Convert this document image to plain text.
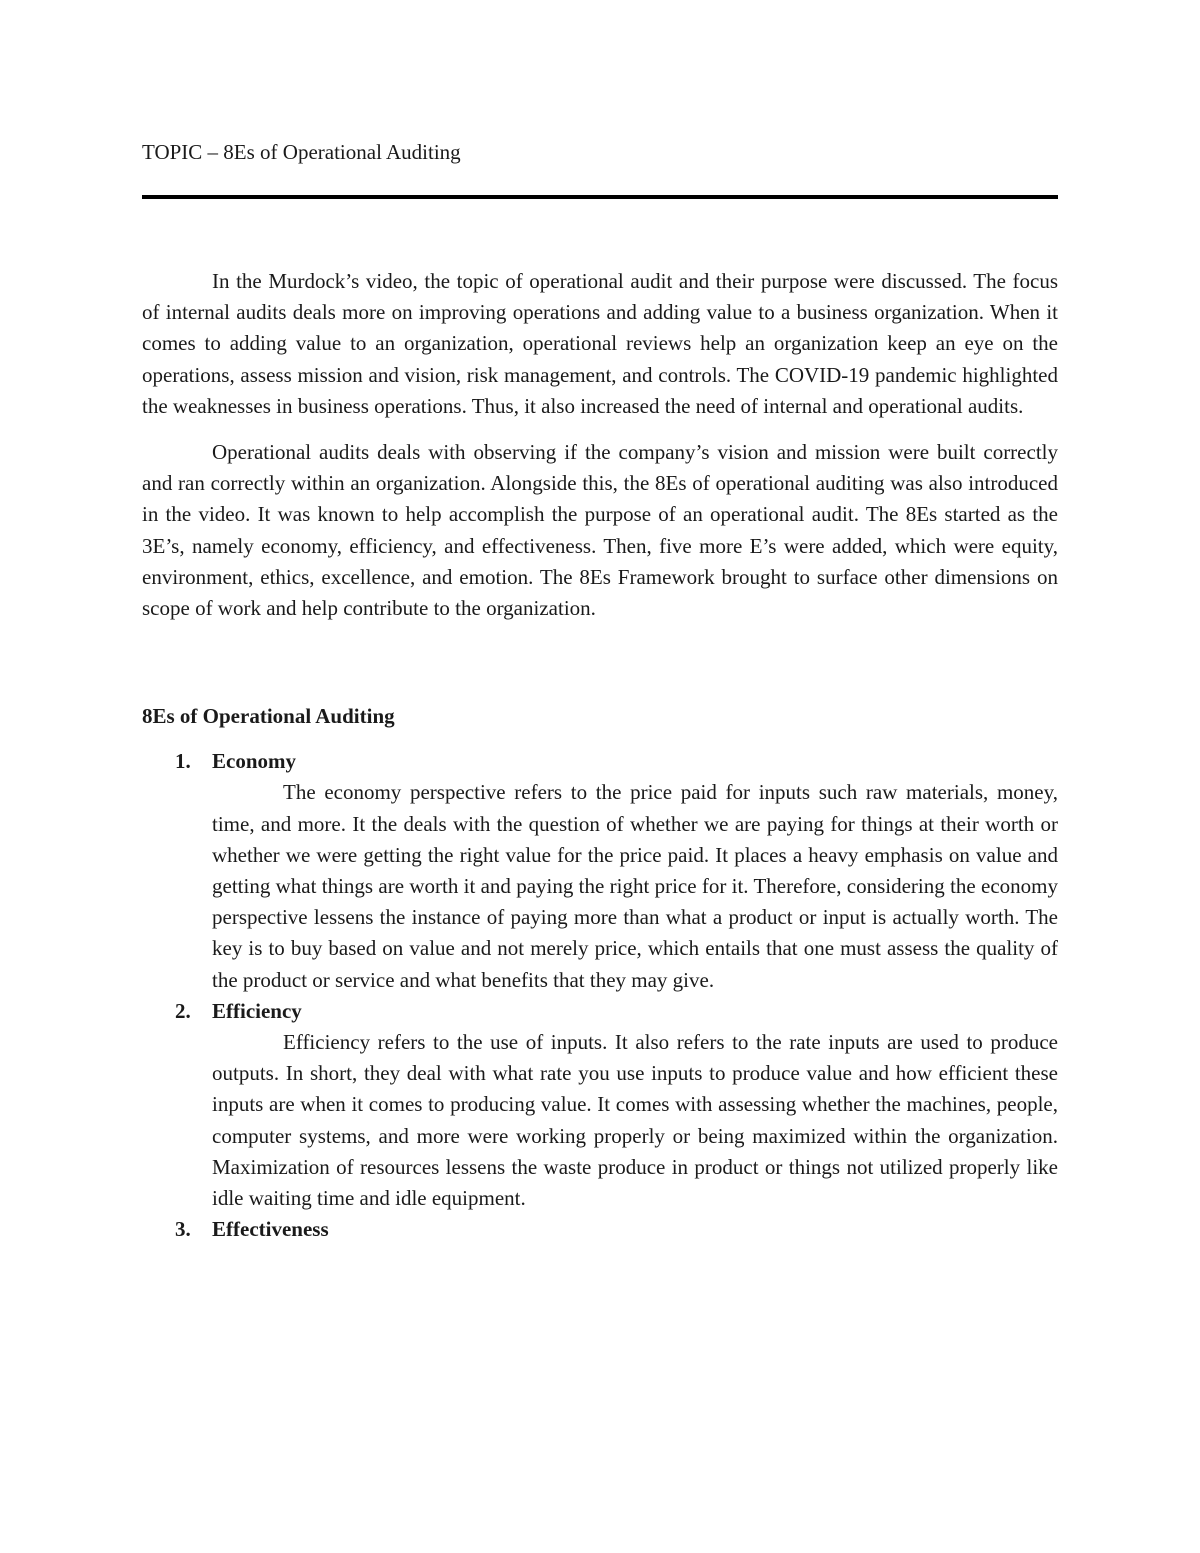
TOPIC – 8Es of Operational Auditing

In the Murdock’s video, the topic of operational audit and their purpose were discussed. The focus of internal audits deals more on improving operations and adding value to a business organization. When it comes to adding value to an organization, operational reviews help an organization keep an eye on the operations, assess mission and vision, risk management, and controls. The COVID-19 pandemic highlighted the weaknesses in business operations. Thus, it also increased the need of internal and operational audits.

Operational audits deals with observing if the company’s vision and mission were built correctly and ran correctly within an organization. Alongside this, the 8Es of operational auditing was also introduced in the video. It was known to help accomplish the purpose of an operational audit. The 8Es started as the 3E’s, namely economy, efficiency, and effectiveness. Then, five more E’s were added, which were equity, environment, ethics, excellence, and emotion. The 8Es Framework brought to surface other dimensions on scope of work and help contribute to the organization.

8Es of Operational Auditing
1. Economy

The economy perspective refers to the price paid for inputs such raw materials, money, time, and more. It the deals with the question of whether we are paying for things at their worth or whether we were getting the right value for the price paid. It places a heavy emphasis on value and getting what things are worth it and paying the right price for it. Therefore, considering the economy perspective lessens the instance of paying more than what a product or input is actually worth. The key is to buy based on value and not merely price, which entails that one must assess the quality of the product or service and what benefits that they may give.

2. Efficiency

Efficiency refers to the use of inputs. It also refers to the rate inputs are used to produce outputs. In short, they deal with what rate you use inputs to produce value and how efficient these inputs are when it comes to producing value. It comes with assessing whether the machines, people, computer systems, and more were working properly or being maximized within the organization. Maximization of resources lessens the waste produce in product or things not utilized properly like idle waiting time and idle equipment.

3. Effectiveness
